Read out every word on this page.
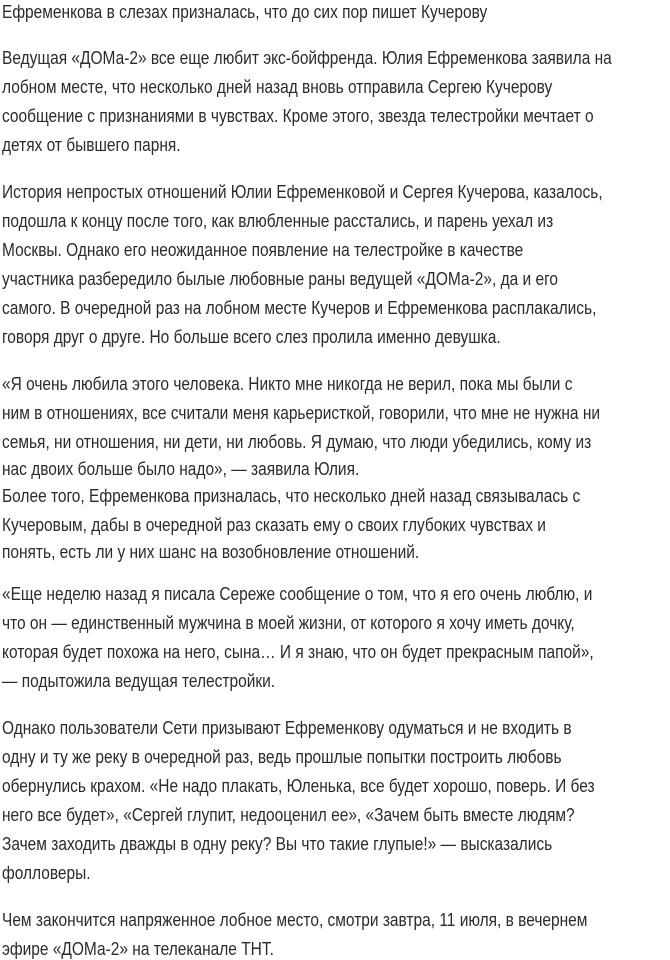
Ефременкова в слезах призналась, что до сих пор пишет Кучерову
Ведущая «ДОМа-2» все еще любит экс-бойфренда. Юлия Ефременкова заявила на
лобном месте, что несколько дней назад вновь отправила Сергею Кучерову
сообщение с признаниями в чувствах. Кроме этого, звезда телестройки мечтает о
детях от бывшего парня.
История непростых отношений Юлии Ефременковой и Сергея Кучерова, казалось,
подошла к концу после того, как влюбленные расстались, и парень уехал из
Москвы. Однако его неожиданное появление на телестройке в качестве
участника разбередило былые любовные раны ведущей «ДОМа-2», да и его
самого. В очередной раз на лобном месте Кучеров и Ефременкова расплакались,
говоря друг о друге. Но больше всего слез пролила именно девушка.
«Я очень любила этого человека. Никто мне никогда не верил, пока мы были с
ним в отношениях, все считали меня карьеристкой, говорили, что мне не нужна ни
семья, ни отношения, ни дети, ни любовь. Я думаю, что люди убедились, кому из
нас двоих больше было надо», — заявила Юлия.
Более того, Ефременкова призналась, что несколько дней назад связывалась с
Кучеровым, дабы в очередной раз сказать ему о своих глубоких чувствах и
понять, есть ли у них шанс на возобновление отношений.
«Еще неделю назад я писала Сереже сообщение о том, что я его очень люблю, и
что он — единственный мужчина в моей жизни, от которого я хочу иметь дочку,
которая будет похожа на него, сына… И я знаю, что он будет прекрасным папой»,
— подытожила ведущая телестройки.
Однако пользователи Сети призывают Ефременкову одуматься и не входить в
одну и ту же реку в очередной раз, ведь прошлые попытки построить любовь
обернулись крахом. «Не надо плакать, Юленька, все будет хорошо, поверь. И без
него все будет», «Сергей глупит, недооценил ее», «Зачем быть вместе людям?
Зачем заходить дважды в одну реку? Вы что такие глупые!» — высказались
фолловеры.
Чем закончится напряженное лобное место, смотри завтра, 11 июля, в вечернем
эфире «ДОМа-2» на телеканале ТНТ.
